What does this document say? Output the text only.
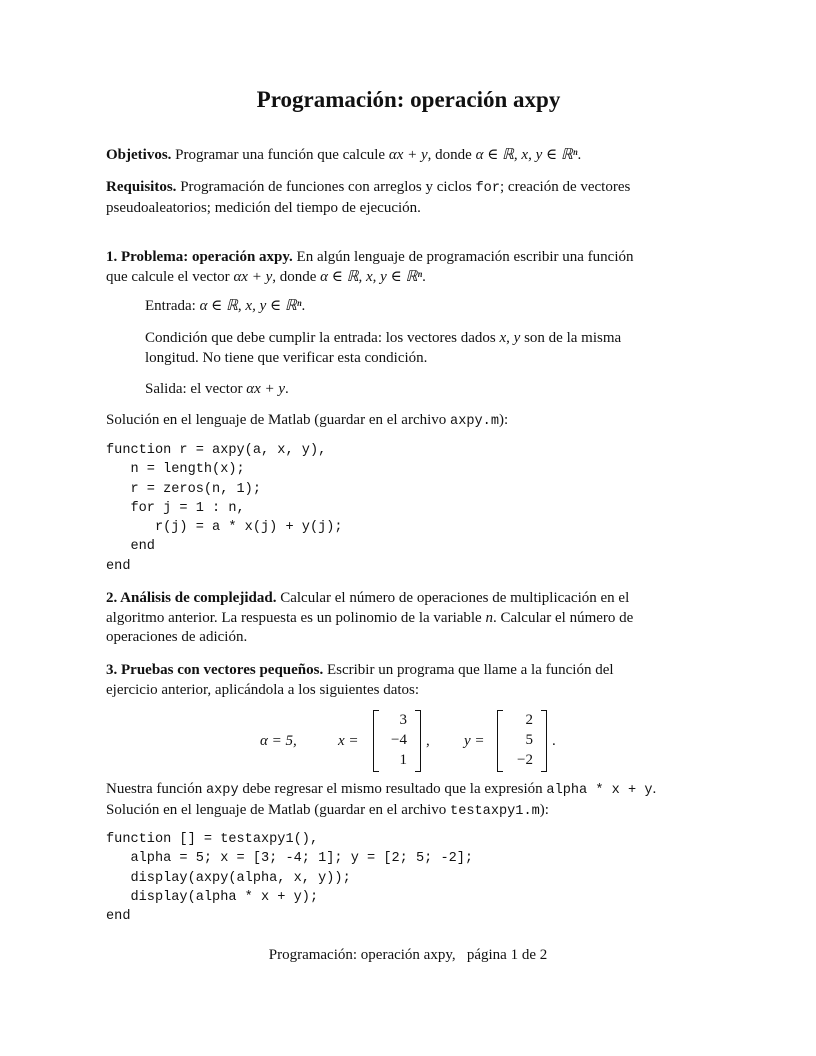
Programación: operación axpy
Objetivos. Programar una función que calcule αx + y, donde α ∈ ℝ, x, y ∈ ℝⁿ.
Requisitos. Programación de funciones con arreglos y ciclos for; creación de vectores
pseudoaleatorios; medición del tiempo de ejecución.
1. Problema: operación axpy. En algún lenguaje de programación escribir una función
que calcule el vector αx + y, donde α ∈ ℝ, x, y ∈ ℝⁿ.
Entrada: α ∈ ℝ, x, y ∈ ℝⁿ.
Condición que debe cumplir la entrada: los vectores dados x, y son de la misma
longitud. No tiene que verificar esta condición.
Salida: el vector αx + y.
Solución en el lenguaje de Matlab (guardar en el archivo axpy.m):
function r = axpy(a, x, y),
n = length(x);
r = zeros(n, 1);
for j = 1 : n,
r(j) = a * x(j) + y(j);
end
end
2. Análisis de complejidad. Calcular el número de operaciones de multiplicación en el
algoritmo anterior. La respuesta es un polinomio de la variable n. Calcular el número de
operaciones de adición.
3. Pruebas con vectores pequeños. Escribir un programa que llame a la función del
ejercicio anterior, aplicándola a los siguientes datos:
α = 5,	x =
3
−4
1
, y =
2
5
−2
.
Nuestra función axpy debe regresar el mismo resultado que la expresión alpha * x + y.
Solución en el lenguaje de Matlab (guardar en el archivo testaxpy1.m):
function [] = testaxpy1(),
alpha = 5; x = [3; -4; 1]; y = [2; 5; -2];
display(axpy(alpha, x, y));
display(alpha * x + y);
end
Programación: operación axpy,   página 1 de 2
